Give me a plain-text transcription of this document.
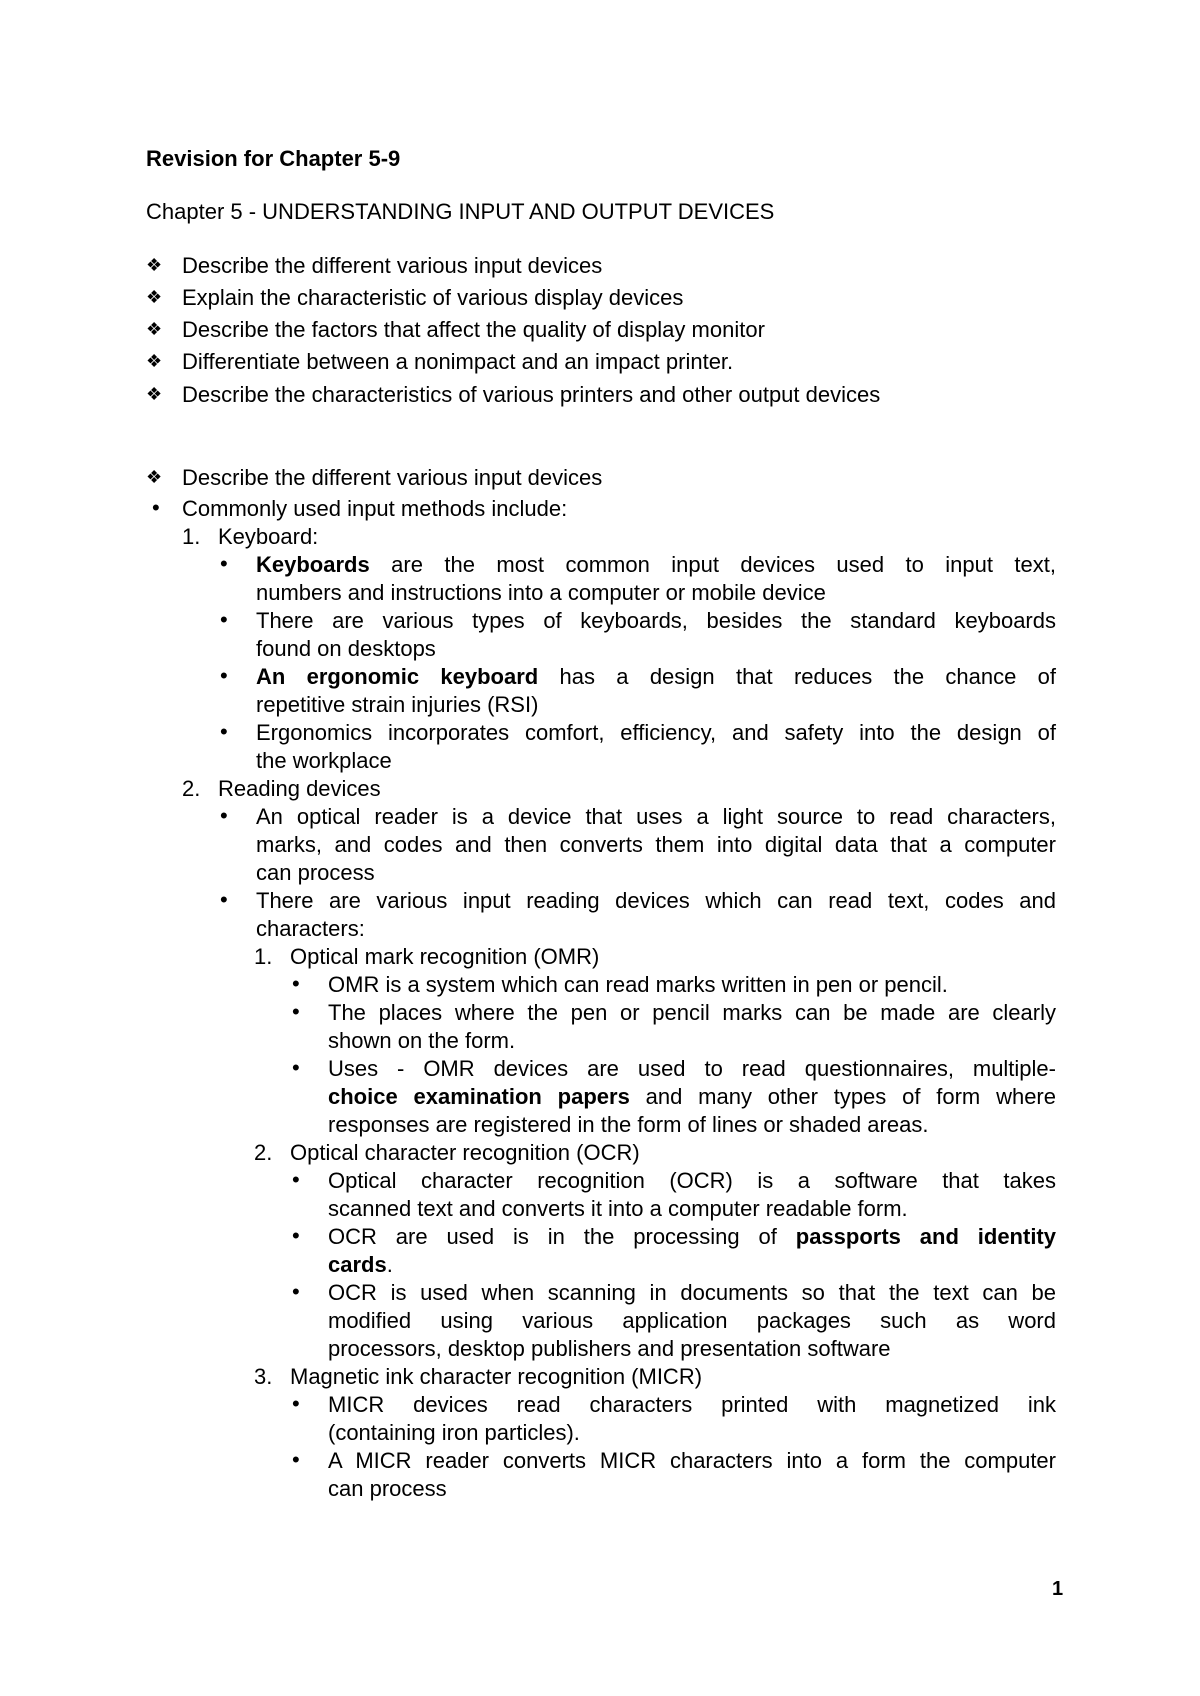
Revision for Chapter 5-9
Chapter 5 - UNDERSTANDING INPUT AND OUTPUT DEVICES
❖ Describe the different various input devices
❖ Explain the characteristic of various display devices
❖ Describe the factors that affect the quality of display monitor
❖ Differentiate between a nonimpact and an impact printer.
❖ Describe the characteristics of various printers and other output devices
❖ Describe the different various input devices
• Commonly used input methods include:
1. Keyboard:
• Keyboards are the most common input devices used to input text,
numbers and instructions into a computer or mobile device
• There are various types of keyboards, besides the standard keyboards
found on desktops
• An ergonomic keyboard has a design that reduces the chance of
repetitive strain injuries (RSI)
• Ergonomics incorporates comfort, efficiency, and safety into the design of
the workplace
2. Reading devices
• An optical reader is a device that uses a light source to read characters,
marks, and codes and then converts them into digital data that a computer
can process
• There are various input reading devices which can read text, codes and
characters:
1. Optical mark recognition (OMR)
• OMR is a system which can read marks written in pen or pencil.
• The places where the pen or pencil marks can be made are clearly
shown on the form.
• Uses - OMR devices are used to read questionnaires, multiple-
choice examination papers and many other types of form where
responses are registered in the form of lines or shaded areas.
2. Optical character recognition (OCR)
• Optical character recognition (OCR) is a software that takes
scanned text and converts it into a computer readable form.
• OCR are used is in the processing of passports and identity
cards.
• OCR is used when scanning in documents so that the text can be
modified using various application packages such as word
processors, desktop publishers and presentation software
3. Magnetic ink character recognition (MICR)
• MICR devices read characters printed with magnetized ink
(containing iron particles).
• A MICR reader converts MICR characters into a form the computer
can process
1
